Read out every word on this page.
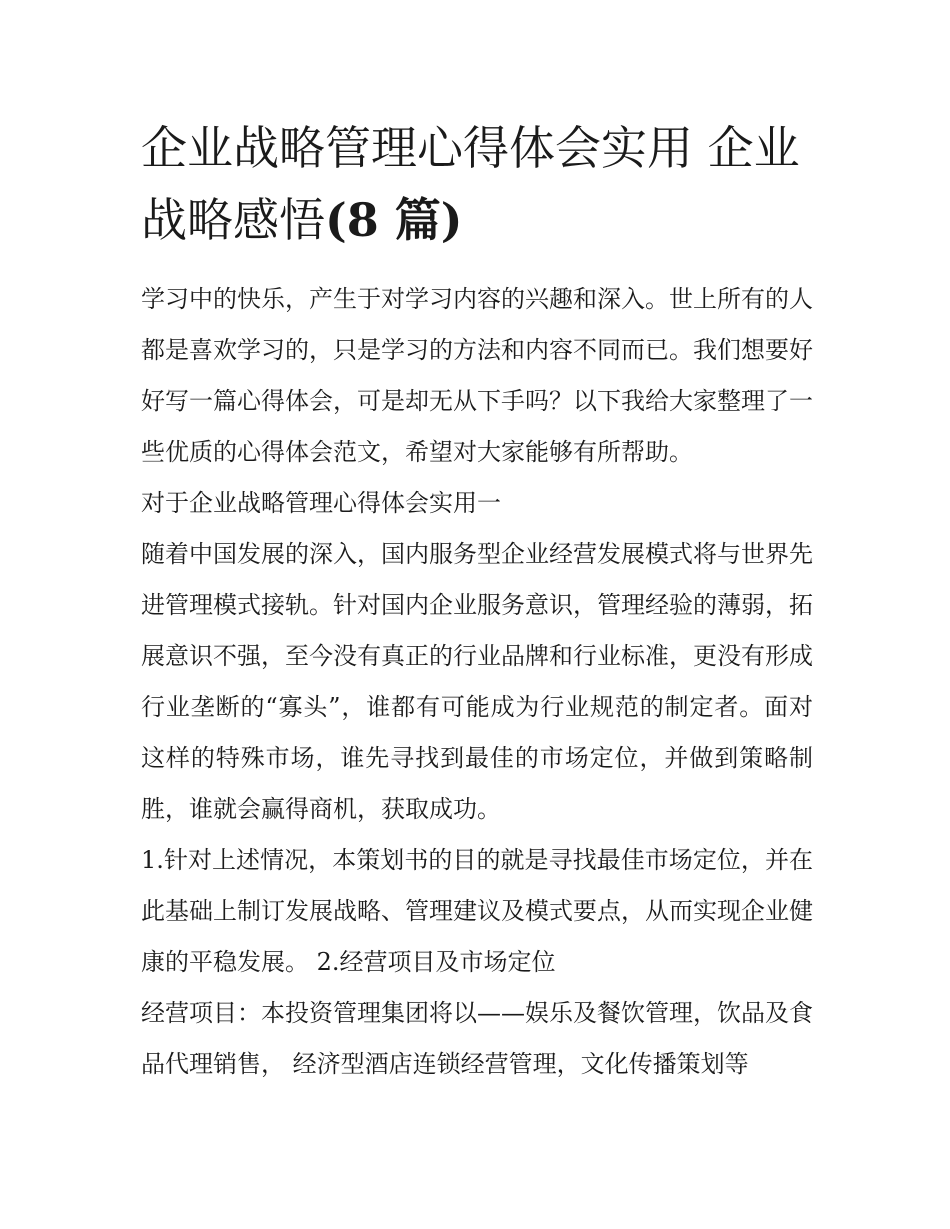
企业战略管理心得体会实用 企业战略感悟(8 篇)

学习中的快乐，产生于对学习内容的兴趣和深入。世上所有的人都是喜欢学习的，只是学习的方法和内容不同而已。我们想要好好写一篇心得体会，可是却无从下手吗？以下我给大家整理了一些优质的心得体会范文，希望对大家能够有所帮助。

对于企业战略管理心得体会实用一

随着中国发展的深入，国内服务型企业经营发展模式将与世界先进管理模式接轨。针对国内企业服务意识，管理经验的薄弱，拓展意识不强，至今没有真正的行业品牌和行业标准，更没有形成行业垄断的“寡头”，谁都有可能成为行业规范的制定者。面对这样的特殊市场，谁先寻找到最佳的市场定位，并做到策略制胜，谁就会赢得商机，获取成功。

1.针对上述情况，本策划书的目的就是寻找最佳市场定位，并在此基础上制订发展战略、管理建议及模式要点，从而实现企业健康的平稳发展。 2.经营项目及市场定位

经营项目：本投资管理集团将以——娱乐及餐饮管理，饮品及食品代理销售， 经济型酒店连锁经营管理，文化传播策划等
